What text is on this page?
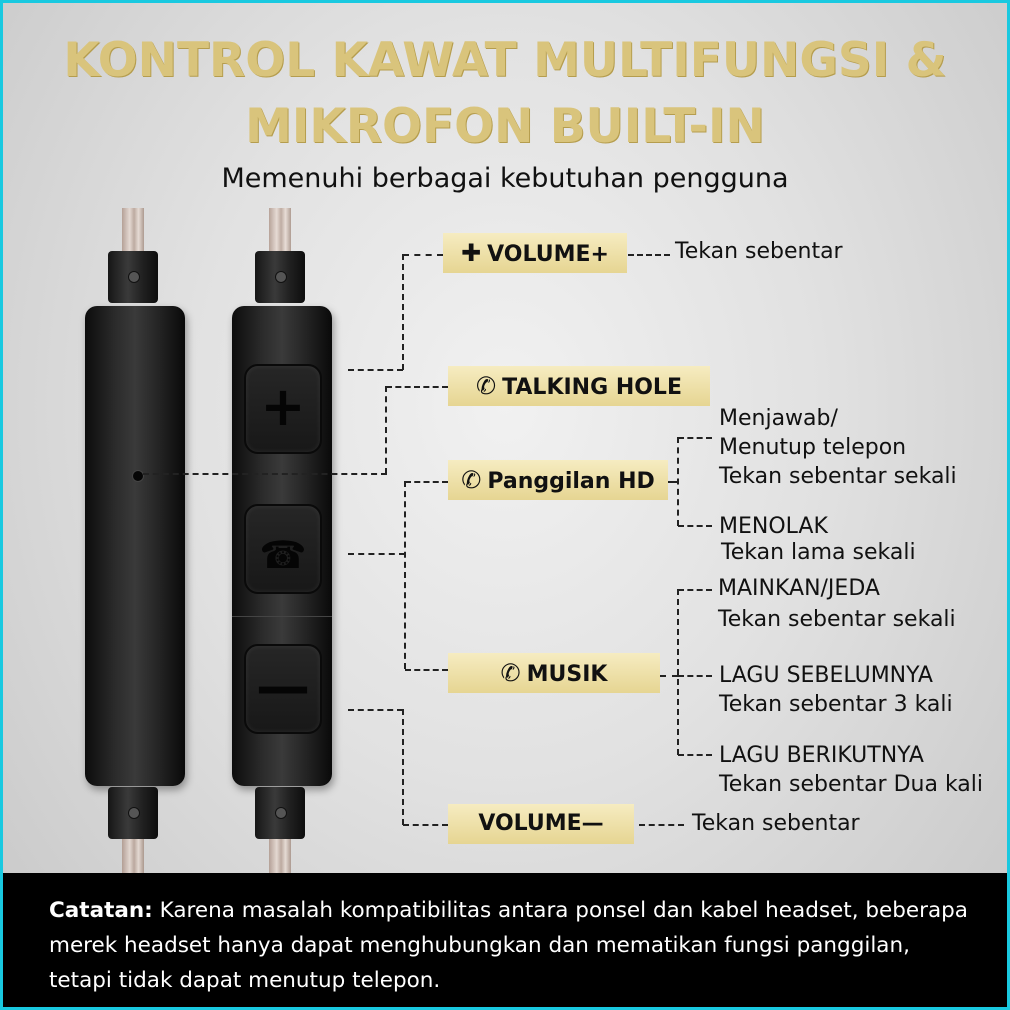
KONTROL KAWAT MULTIFUNGSI &
MIKROFON BUILT-IN
Memenuhi berbagai kebutuhan pengguna
+
☎
—
✚ VOLUME+
✆ TALKING HOLE
✆ Panggilan HD
✆ MUSIK
VOLUME—
Tekan sebentar
Menjawab/
Menutup telepon
Tekan sebentar sekali
MENOLAK
Tekan lama sekali
MAINKAN/JEDA
Tekan sebentar sekali
LAGU SEBELUMNYA
Tekan sebentar 3 kali
LAGU BERIKUTNYA
Tekan sebentar Dua kali
Tekan sebentar

Catatan: Karena masalah kompatibilitas antara ponsel dan kabel headset, beberapa merek headset hanya dapat menghubungkan dan mematikan fungsi panggilan, tetapi tidak dapat menutup telepon.
